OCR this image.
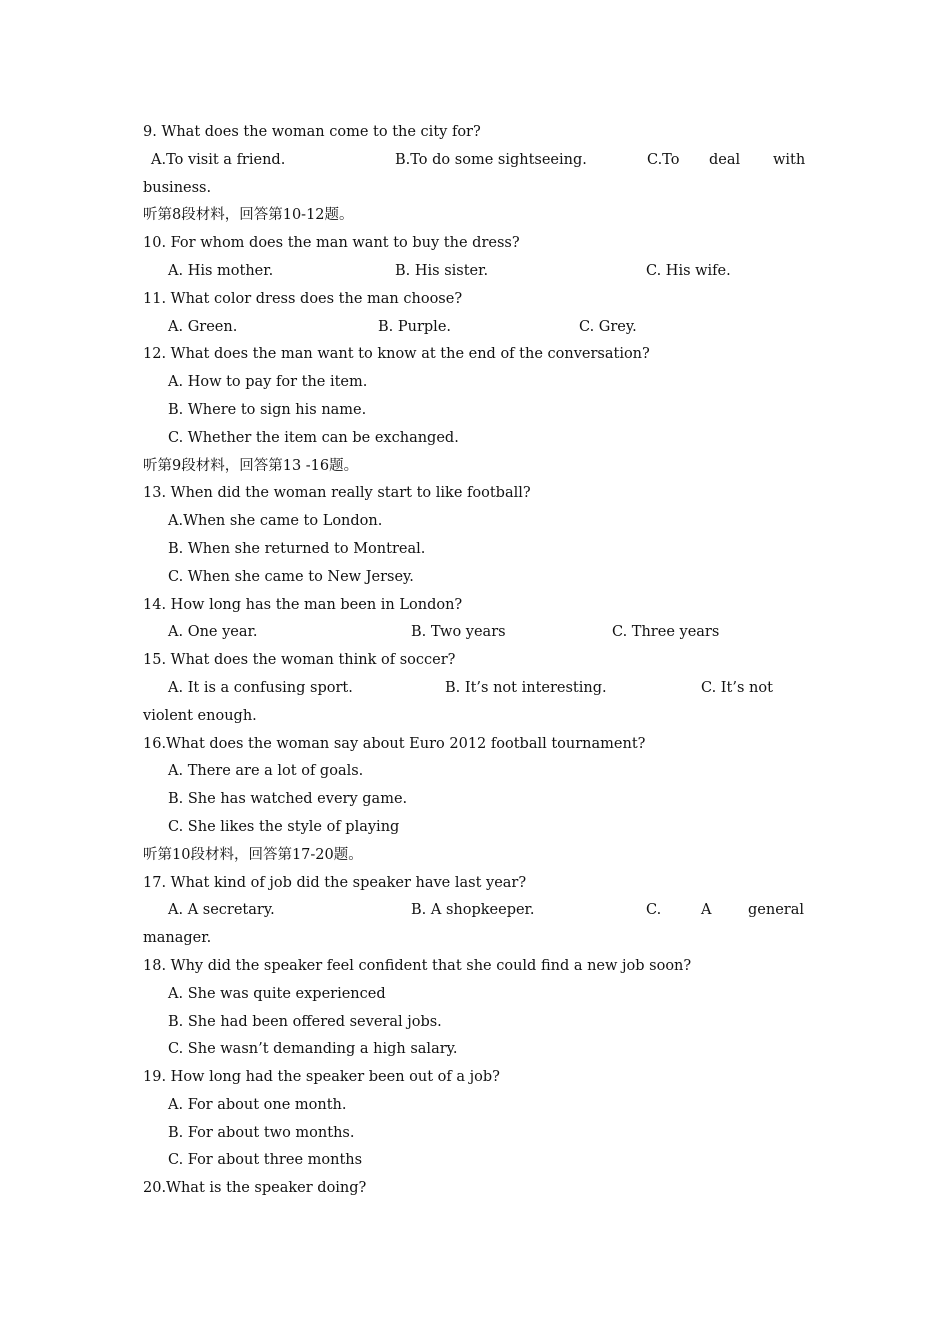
9. What does the woman come to the city for?
A.To visit a friend.	B.To do some sightseeing.	C.To deal with
business.
听第8段材料，回答第10-12题。
10. For whom does the man want to buy the dress?
A. His mother.	B. His sister.	C. His wife.
11. What color dress does the man choose?
A. Green.	B. Purple.	C. Grey.
12. What does the man want to know at the end of the conversation?
A. How to pay for the item.
B. Where to sign his name.
C. Whether the item can be exchanged.
听第9段材料，回答第13 -16题。
13. When did the woman really start to like football?
A.When she came to London.
B. When she returned to Montreal.
C. When she came to New Jersey.
14. How long has the man been in London?
A. One year.	B. Two years	C. Three years
15. What does the woman think of soccer?
A. It is a confusing sport.	B. It’s not interesting.	C. It’s not
violent enough.
16.What does the woman say about Euro 2012 football tournament?
A. There are a lot of goals.
B. She has watched every game.
C. She likes the style of playing
听第10段材料，回答第17-20题。
17. What kind of job did the speaker have last year?
A. A secretary.	B. A shopkeeper.	C.	A	general
manager.
18. Why did the speaker feel confident that she could find a new job soon?
A. She was quite experienced
B. She had been offered several jobs.
C. She wasn’t demanding a high salary.
19. How long had the speaker been out of a job?
A. For about one month.
B. For about two months.
C. For about three months
20.What is the speaker doing?
